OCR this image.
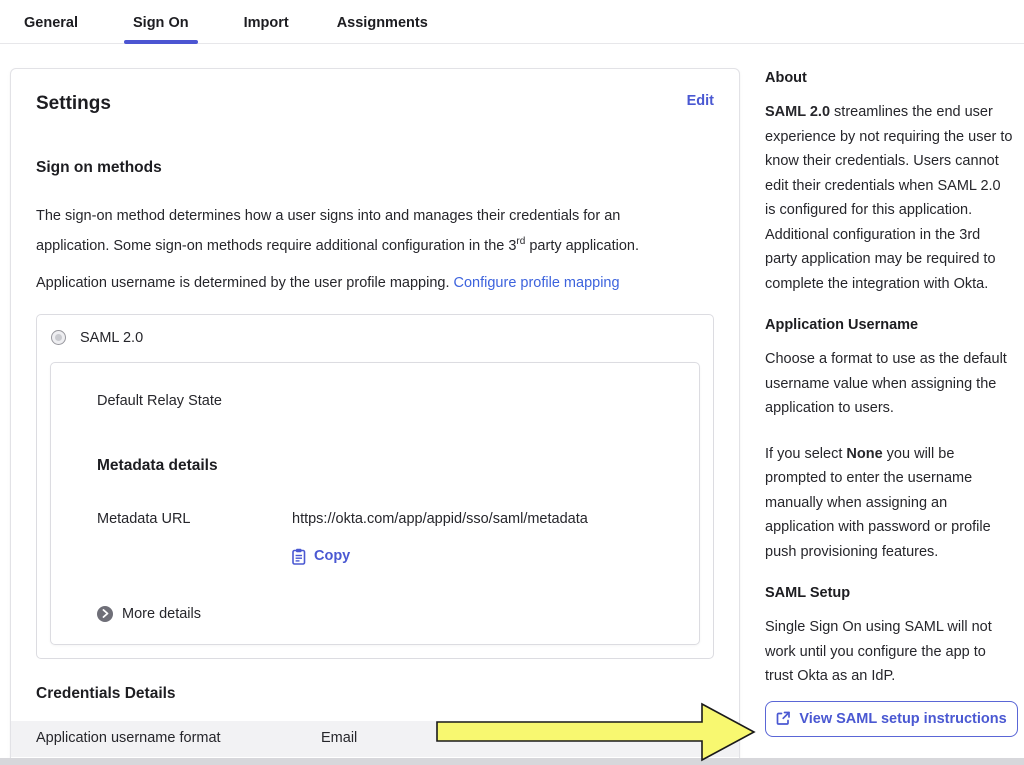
General	Sign On	Import	Assignments
Settings	Edit
Sign on methods

The sign-on method determines how a user signs into and manages their credentials for an application. Some sign-on methods require additional configuration in the 3rd party application.

Application username is determined by the user profile mapping. Configure profile mapping

SAML 2.0
Default Relay State
Metadata details
Metadata URL	https://okta.com/app/appid/sso/saml/metadata
Copy
More details
Credentials Details
Application username format	Email
About

SAML 2.0 streamlines the end user experience by not requiring the user to know their credentials. Users cannot edit their credentials when SAML 2.0 is configured for this application. Additional configuration in the 3rd party application may be required to complete the integration with Okta.

Application Username

Choose a format to use as the default username value when assigning the application to users.

If you select None you will be prompted to enter the username manually when assigning an application with password or profile push provisioning features.

SAML Setup

Single Sign On using SAML will not work until you configure the app to trust Okta as an IdP.

View SAML setup instructions
